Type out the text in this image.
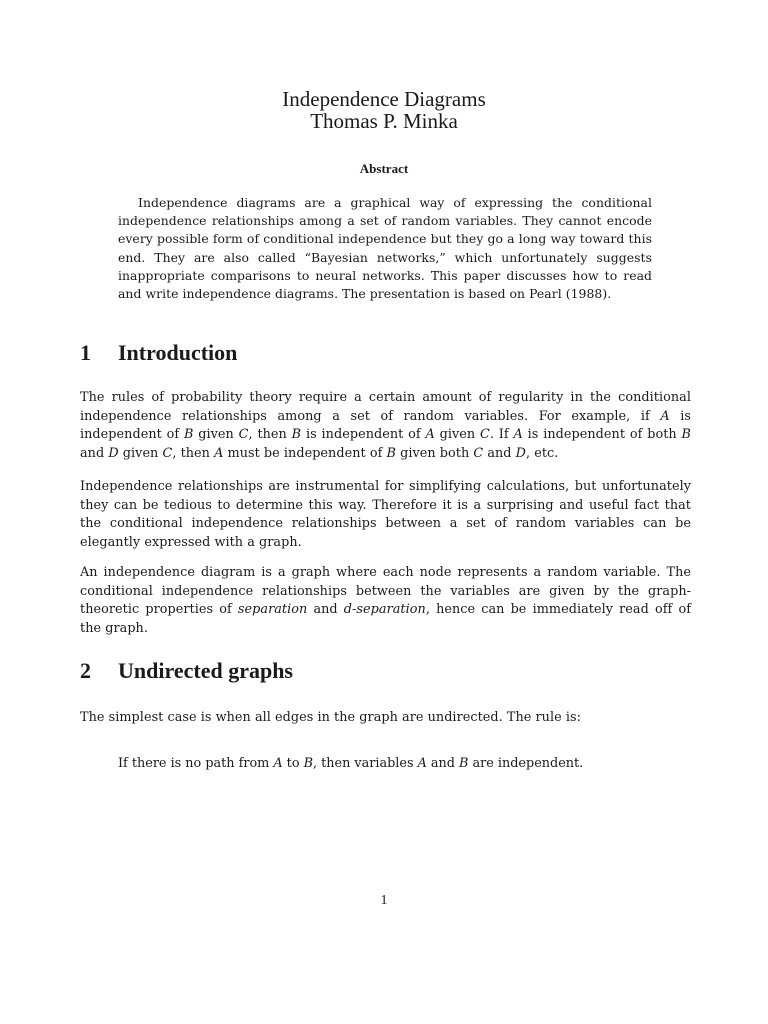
Independence Diagrams
Thomas P. Minka
Abstract
Independence diagrams are a graphical way of expressing the conditional independence relationships among a set of random variables. They cannot encode every possible form of conditional independence but they go a long way toward this end. They are also called “Bayesian networks,” which unfortunately suggests inappropriate comparisons to neural networks. This paper discusses how to read and write independence diagrams. The presentation is based on Pearl (1988).
1 Introduction
The rules of probability theory require a certain amount of regularity in the conditional independence relationships among a set of random variables. For example, if A is independent of B given C, then B is independent of A given C. If A is independent of both B and D given C, then A must be independent of B given both C and D, etc.
Independence relationships are instrumental for simplifying calculations, but unfortunately they can be tedious to determine this way. Therefore it is a surprising and useful fact that the conditional independence relationships between a set of random variables can be elegantly expressed with a graph.
An independence diagram is a graph where each node represents a random variable. The conditional independence relationships between the variables are given by the graph-theoretic properties of separation and d-separation, hence can be immediately read off of the graph.
2 Undirected graphs
The simplest case is when all edges in the graph are undirected. The rule is:
If there is no path from A to B, then variables A and B are independent.
1
